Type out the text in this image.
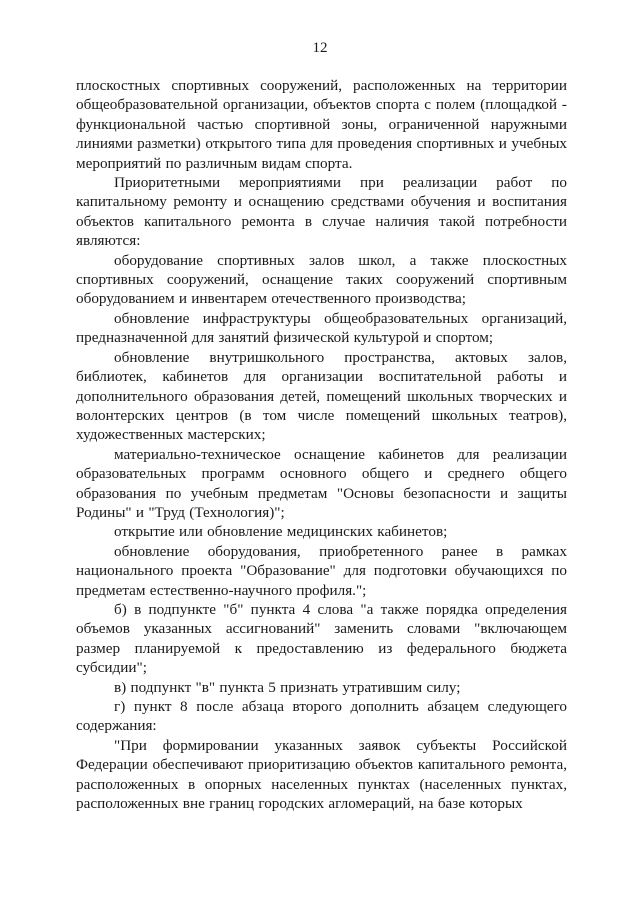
12

плоскостных спортивных сооружений, расположенных на территории общеобразовательной организации, объектов спорта с полем (площадкой - функциональной частью спортивной зоны, ограниченной наружными линиями разметки) открытого типа для проведения спортивных и учебных мероприятий по различным видам спорта.

Приоритетными мероприятиями при реализации работ по капитальному ремонту и оснащению средствами обучения и воспитания объектов капитального ремонта в случае наличия такой потребности являются:

оборудование спортивных залов школ, а также плоскостных спортивных сооружений, оснащение таких сооружений спортивным оборудованием и инвентарем отечественного производства;

обновление инфраструктуры общеобразовательных организаций, предназначенной для занятий физической культурой и спортом;

обновление внутришкольного пространства, актовых залов, библиотек, кабинетов для организации воспитательной работы и дополнительного образования детей, помещений школьных творческих и волонтерских центров (в том числе помещений школьных театров), художественных мастерских;

материально-техническое оснащение кабинетов для реализации образовательных программ основного общего и среднего общего образования по учебным предметам "Основы безопасности и защиты Родины" и "Труд (Технология)";

открытие или обновление медицинских кабинетов;

обновление оборудования, приобретенного ранее в рамках национального проекта "Образование" для подготовки обучающихся по предметам естественно-научного профиля.";

б) в подпункте "б" пункта 4 слова "а также порядка определения объемов указанных ассигнований" заменить словами "включающем размер планируемой к предоставлению из федерального бюджета субсидии";

в) подпункт "в" пункта 5 признать утратившим силу;

г) пункт 8 после абзаца второго дополнить абзацем следующего содержания:

"При формировании указанных заявок субъекты Российской Федерации обеспечивают приоритизацию объектов капитального ремонта, расположенных в опорных населенных пунктах (населенных пунктах, расположенных вне границ городских агломераций, на базе которых
